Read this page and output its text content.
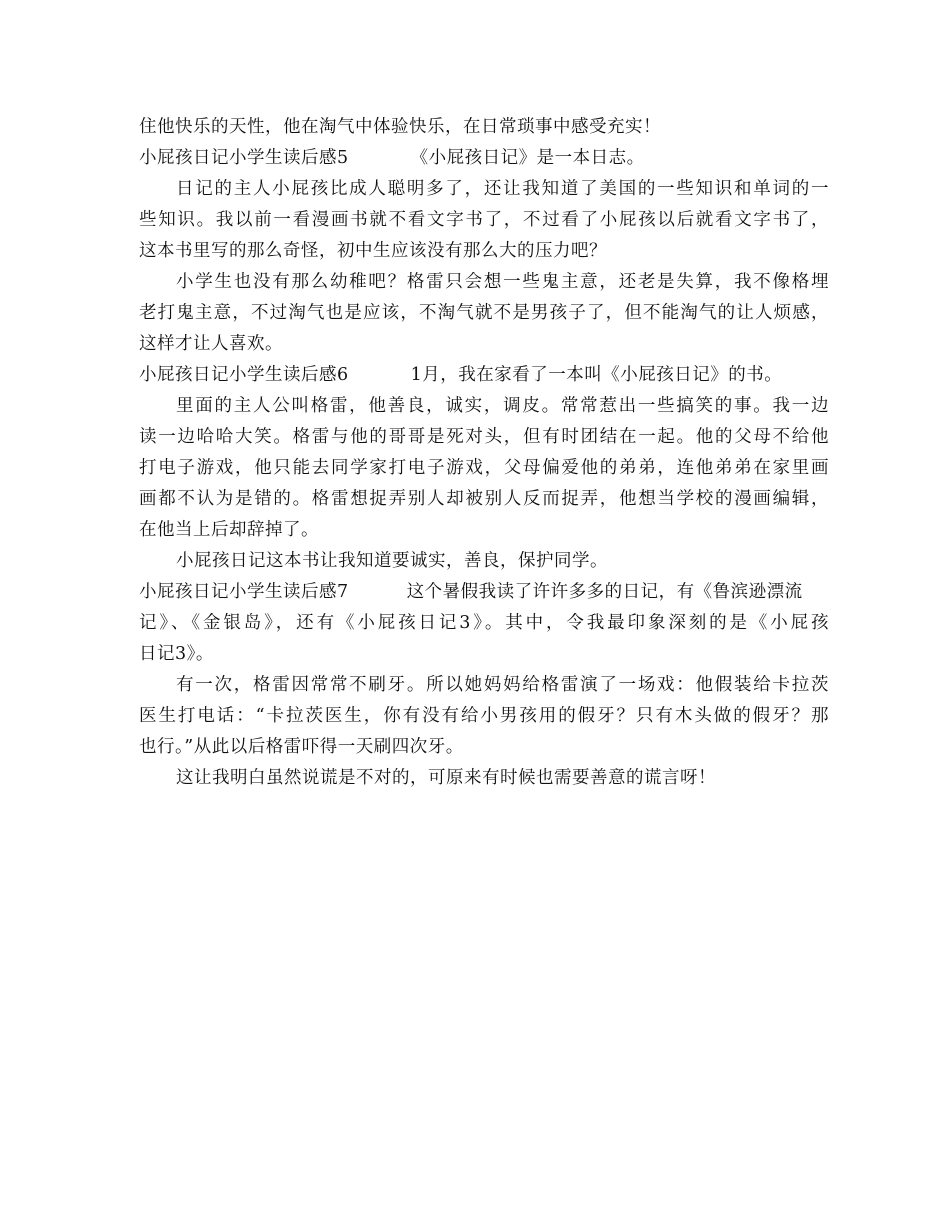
住他快乐的天性，他在淘气中体验快乐，在日常琐事中感受充实！
小屁孩日记小学生读后感5	《小屁孩日记》是一本日志。
日记的主人小屁孩比成人聪明多了，还让我知道了美国的一些知识和单词的一
些知识。我以前一看漫画书就不看文字书了，不过看了小屁孩以后就看文字书了，
这本书里写的那么奇怪，初中生应该没有那么大的压力吧？
小学生也没有那么幼稚吧？格雷只会想一些鬼主意，还老是失算，我不像格埋
老打鬼主意，不过淘气也是应该，不淘气就不是男孩子了，但不能淘气的让人烦感，
这样才让人喜欢。
小屁孩日记小学生读后感6	1月，我在家看了一本叫《小屁孩日记》的书。
里面的主人公叫格雷，他善良，诚实，调皮。常常惹出一些搞笑的事。我一边
读一边哈哈大笑。格雷与他的哥哥是死对头，但有时团结在一起。他的父母不给他
打电子游戏，他只能去同学家打电子游戏，父母偏爱他的弟弟，连他弟弟在家里画
画都不认为是错的。格雷想捉弄别人却被别人反而捉弄，他想当学校的漫画编辑，
在他当上后却辞掉了。
小屁孩日记这本书让我知道要诚实，善良，保护同学。
小屁孩日记小学生读后感7	这个暑假我读了许许多多的日记，有《鲁滨逊漂流
记》、《金银岛》，还有《小屁孩日记3》。其中，令我最印象深刻的是《小屁孩
日记3》。
有一次，格雷因常常不刷牙。所以她妈妈给格雷演了一场戏：他假装给卡拉茨
医生打电话：“卡拉茨医生，你有没有给小男孩用的假牙？只有木头做的假牙？那
也行。”从此以后格雷吓得一天刷四次牙。
这让我明白虽然说谎是不对的，可原来有时候也需要善意的谎言呀！
